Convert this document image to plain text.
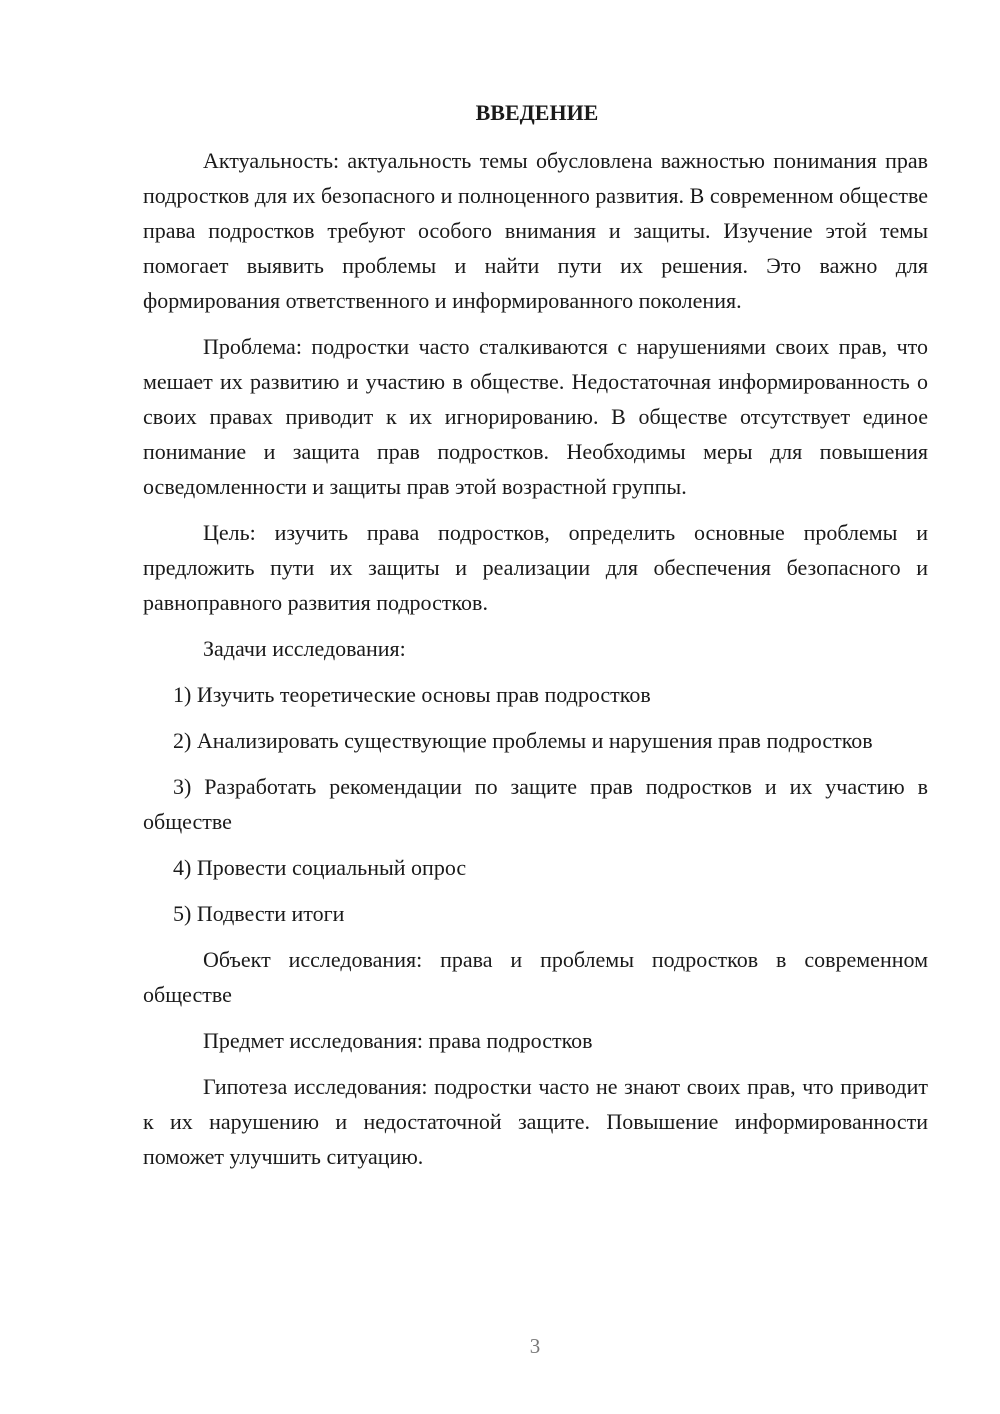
ВВЕДЕНИЕ

Актуальность: актуальность темы обусловлена важностью понимания прав подростков для их безопасного и полноценного развития. В современном обществе права подростков требуют особого внимания и защиты. Изучение этой темы помогает выявить проблемы и найти пути их решения. Это важно для формирования ответственного и информированного поколения.

Проблема: подростки часто сталкиваются с нарушениями своих прав, что мешает их развитию и участию в обществе. Недостаточная информированность о своих правах приводит к их игнорированию. В обществе отсутствует единое понимание и защита прав подростков. Необходимы меры для повышения осведомленности и защиты прав этой возрастной группы.

Цель: изучить права подростков, определить основные проблемы и предложить пути их защиты и реализации для обеспечения безопасного и равноправного развития подростков.

Задачи исследования:

1) Изучить теоретические основы прав подростков

2) Анализировать существующие проблемы и нарушения прав подростков

3) Разработать рекомендации по защите прав подростков и их участию в обществе

4) Провести социальный опрос

5) Подвести итоги

Объект исследования: права и проблемы подростков в современном обществе

Предмет исследования: права подростков

Гипотеза исследования: подростки часто не знают своих прав, что приводит к их нарушению и недостаточной защите. Повышение информированности поможет улучшить ситуацию.

3
